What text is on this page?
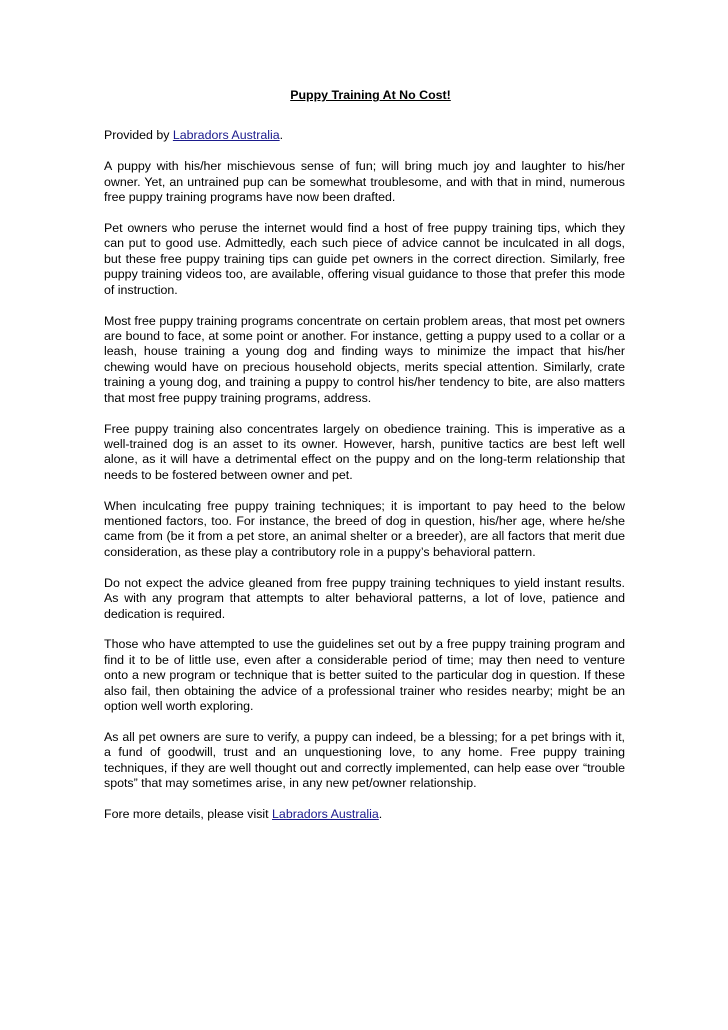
Puppy Training At No Cost!
Provided by Labradors Australia.

A puppy with his/her mischievous sense of fun; will bring much joy and laughter to his/her owner. Yet, an untrained pup can be somewhat troublesome, and with that in mind, numerous free puppy training programs have now been drafted.

Pet owners who peruse the internet would find a host of free puppy training tips, which they can put to good use. Admittedly, each such piece of advice cannot be inculcated in all dogs, but these free puppy training tips can guide pet owners in the correct direction. Similarly, free puppy training videos too, are available, offering visual guidance to those that prefer this mode of instruction.

Most free puppy training programs concentrate on certain problem areas, that most pet owners are bound to face, at some point or another. For instance, getting a puppy used to a collar or a leash, house training a young dog and finding ways to minimize the impact that his/her chewing would have on precious household objects, merits special attention. Similarly, crate training a young dog, and training a puppy to control his/her tendency to bite, are also matters that most free puppy training programs, address.

Free puppy training also concentrates largely on obedience training. This is imperative as a well-trained dog is an asset to its owner. However, harsh, punitive tactics are best left well alone, as it will have a detrimental effect on the puppy and on the long-term relationship that needs to be fostered between owner and pet.

When inculcating free puppy training techniques; it is important to pay heed to the below mentioned factors, too. For instance, the breed of dog in question, his/her age, where he/she came from (be it from a pet store, an animal shelter or a breeder), are all factors that merit due consideration, as these play a contributory role in a puppy’s behavioral pattern.

Do not expect the advice gleaned from free puppy training techniques to yield instant results. As with any program that attempts to alter behavioral patterns, a lot of love, patience and dedication is required.

Those who have attempted to use the guidelines set out by a free puppy training program and find it to be of little use, even after a considerable period of time; may then need to venture onto a new program or technique that is better suited to the particular dog in question. If these also fail, then obtaining the advice of a professional trainer who resides nearby; might be an option well worth exploring.

As all pet owners are sure to verify, a puppy can indeed, be a blessing; for a pet brings with it, a fund of goodwill, trust and an unquestioning love, to any home. Free puppy training techniques, if they are well thought out and correctly implemented, can help ease over “trouble spots” that may sometimes arise, in any new pet/owner relationship.

Fore more details, please visit Labradors Australia.
